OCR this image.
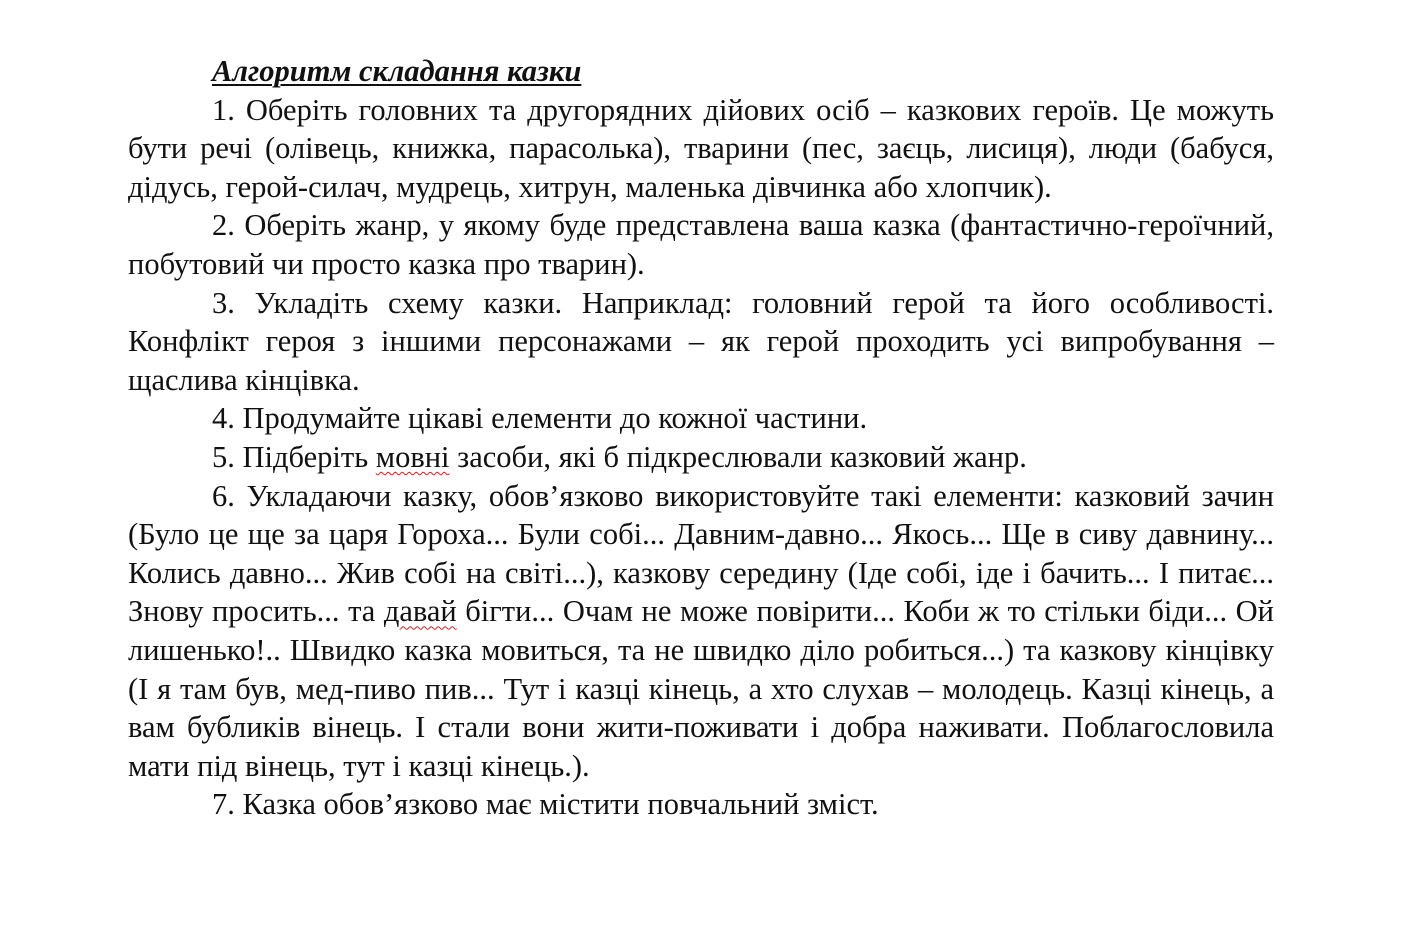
Алгоритм складання казки

1. Оберіть головних та другорядних дійових осіб – казкових героїв. Це можуть бути речі (олівець, книжка, парасолька), тварини (пес, заєць, лисиця), люди (бабуся, дідусь, герой-силач, мудрець, хитрун, маленька дівчинка або хлопчик).

2. Оберіть жанр, у якому буде представлена ваша казка (фантастично-героїчний, побутовий чи просто казка про тварин).

3. Укладіть схему казки. Наприклад: головний герой та його особливості. Конфлікт героя з іншими персонажами – як герой проходить усі випробування – щаслива кінцівка.

4. Продумайте цікаві елементи до кожної частини.

5. Підберіть мовні засоби, які б підкреслювали казковий жанр.

6. Укладаючи казку, обов’язково використовуйте такі елементи: казковий зачин (Було це ще за царя Гороха... Були собі... Давним-давно... Якось... Ще в сиву давнину... Колись давно... Жив собі на світі...), казкову середину (Іде собі, іде і бачить... І питає... Знову просить... та давай бігти... Очам не може повірити... Коби ж то стільки біди... Ой лишенько!.. Швидко казка мовиться, та не швидко діло робиться...) та казкову кінцівку (І я там був, мед-пиво пив... Тут і казці кінець, а хто слухав – молодець. Казці кінець, а вам бубликів вінець. І стали вони жити-поживати і добра наживати. Поблагословила мати під вінець, тут і казці кінець.).

7. Казка обов’язково має містити повчальний зміст.
